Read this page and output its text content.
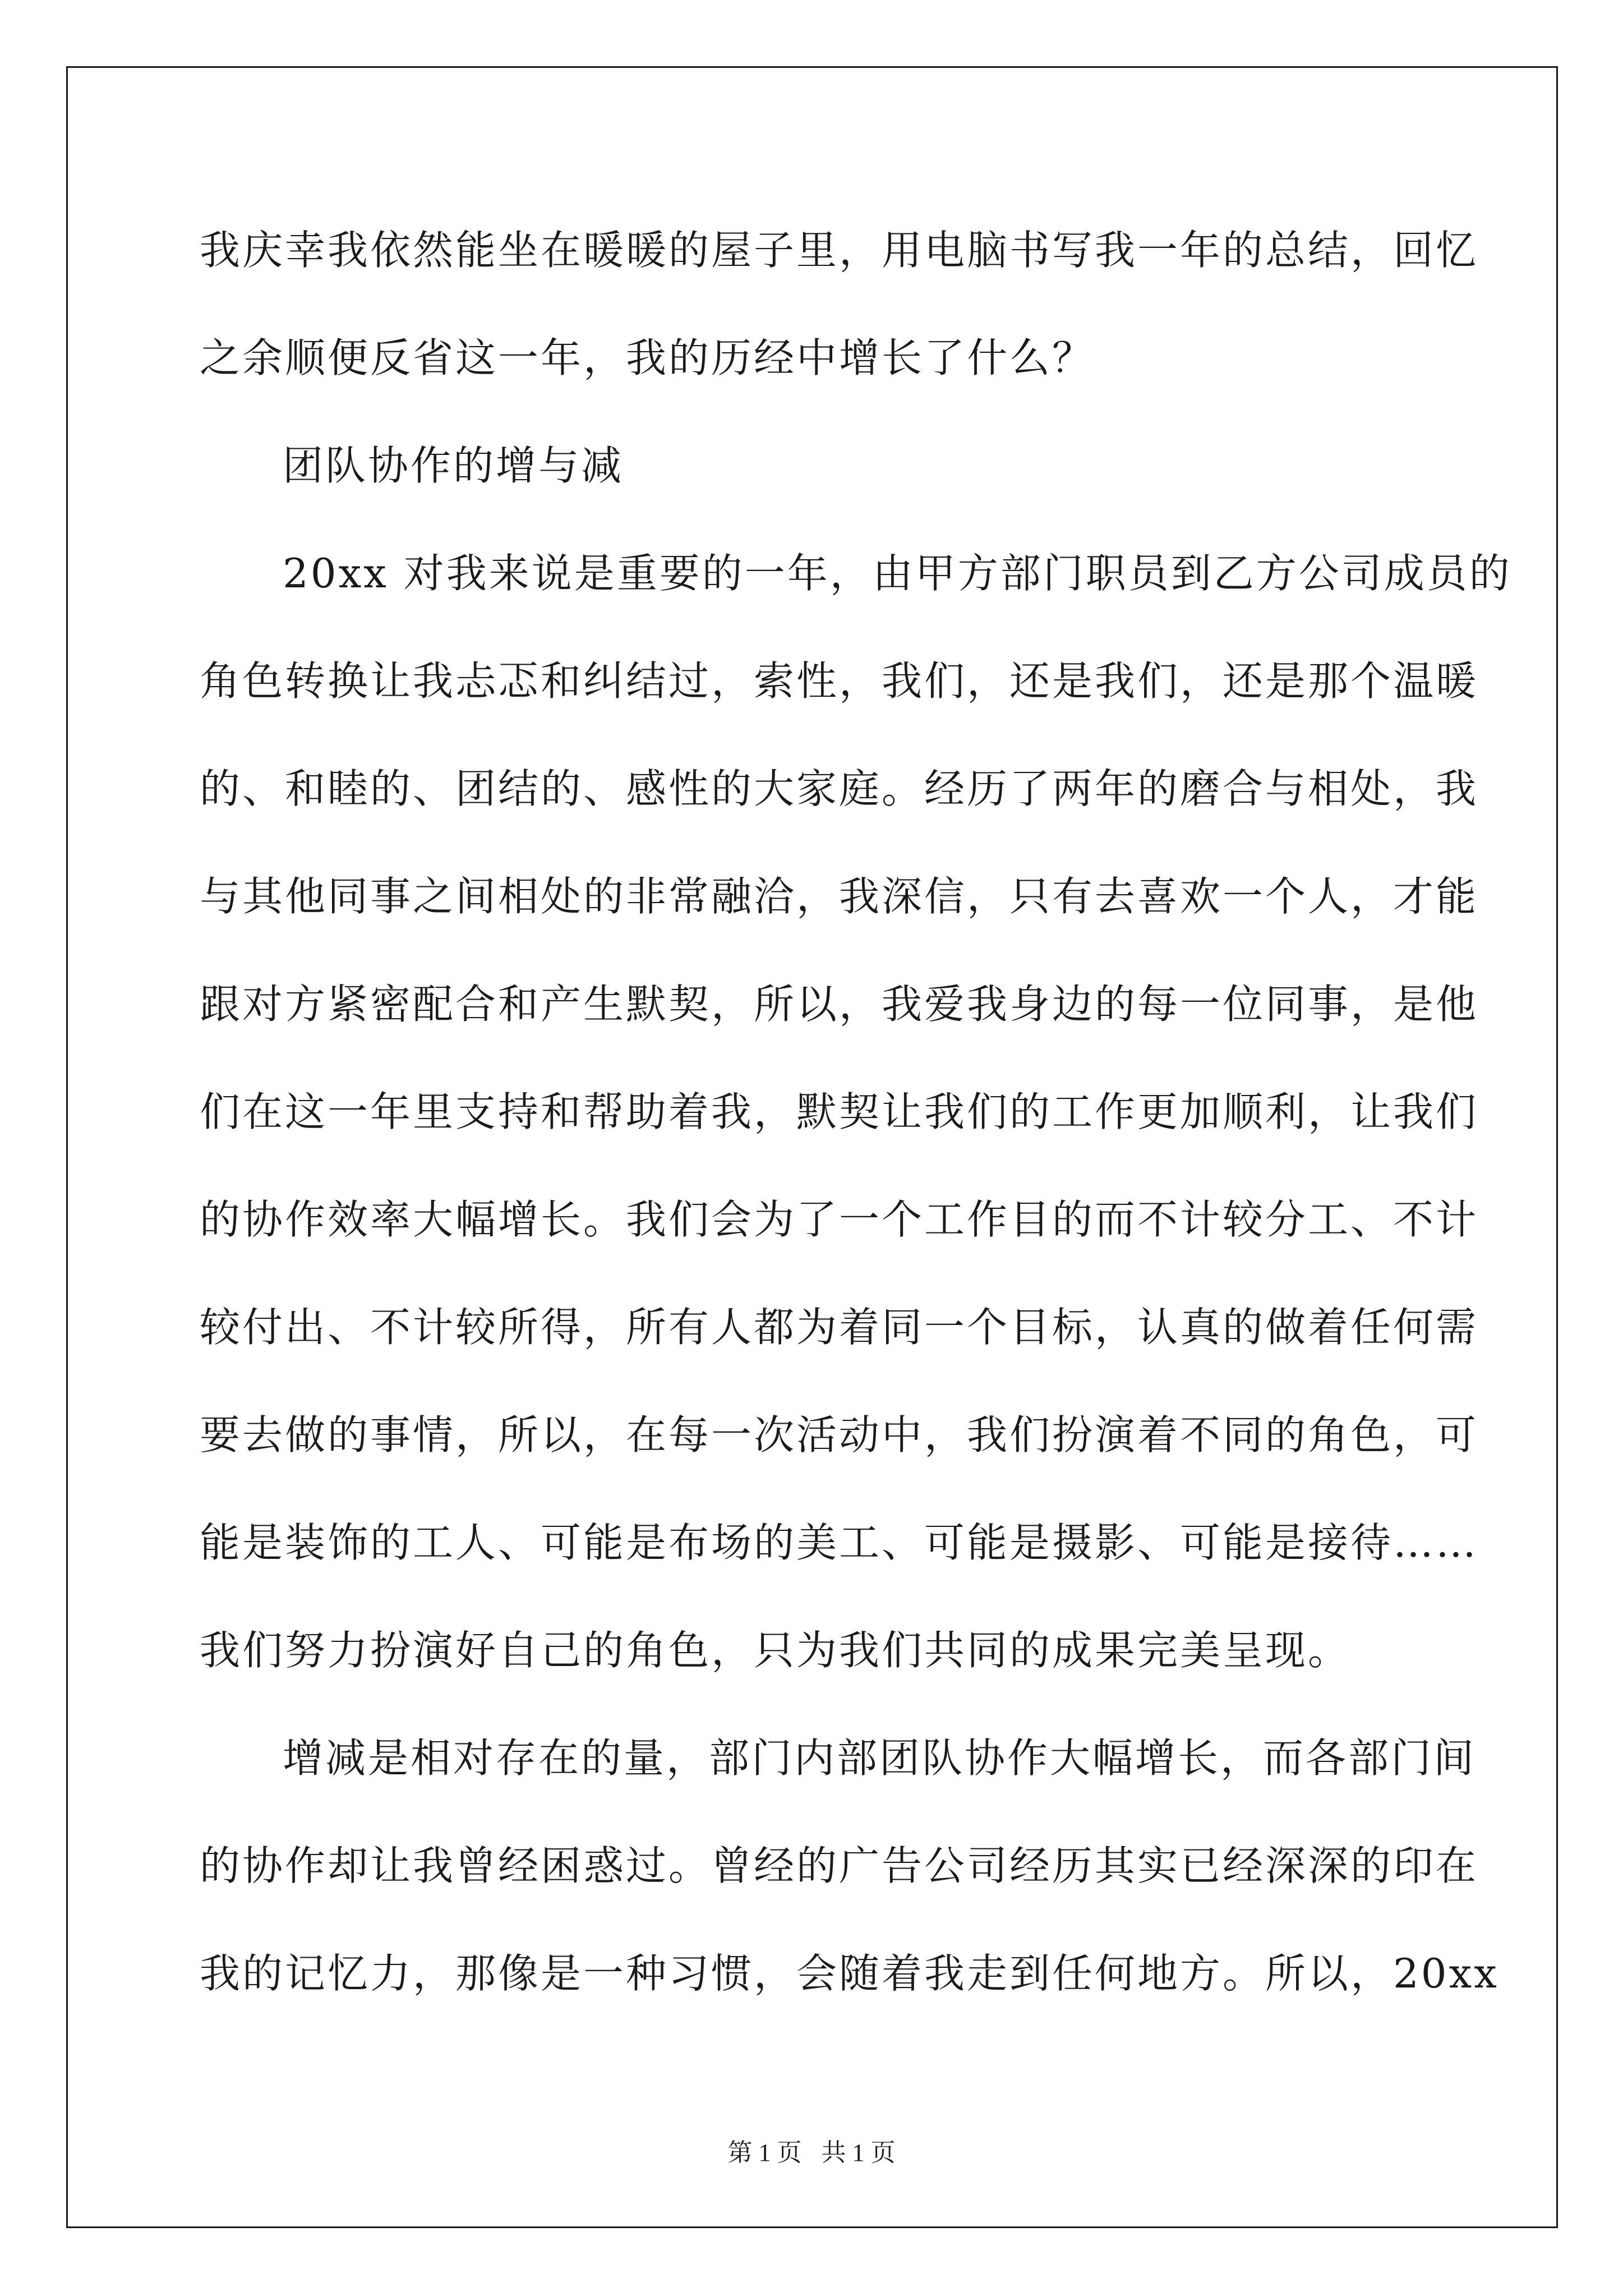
我庆幸我依然能坐在暖暖的屋子里，用电脑书写我一年的总结，回忆
之余顺便反省这一年，我的历经中增长了什么？
团队协作的增与减
20xx 对我来说是重要的一年，由甲方部门职员到乙方公司成员的
角色转换让我忐忑和纠结过，索性，我们，还是我们，还是那个温暖
的、和睦的、团结的、感性的大家庭。经历了两年的磨合与相处，我
与其他同事之间相处的非常融洽，我深信，只有去喜欢一个人，才能
跟对方紧密配合和产生默契，所以，我爱我身边的每一位同事，是他
们在这一年里支持和帮助着我，默契让我们的工作更加顺利，让我们
的协作效率大幅增长。我们会为了一个工作目的而不计较分工、不计
较付出、不计较所得，所有人都为着同一个目标，认真的做着任何需
要去做的事情，所以，在每一次活动中，我们扮演着不同的角色，可
能是装饰的工人、可能是布场的美工、可能是摄影、可能是接待……
我们努力扮演好自己的角色，只为我们共同的成果完美呈现。
增减是相对存在的量，部门内部团队协作大幅增长，而各部门间
的协作却让我曾经困惑过。曾经的广告公司经历其实已经深深的印在
我的记忆力，那像是一种习惯，会随着我走到任何地方。所以，20xx
第 1 页 共 1 页
